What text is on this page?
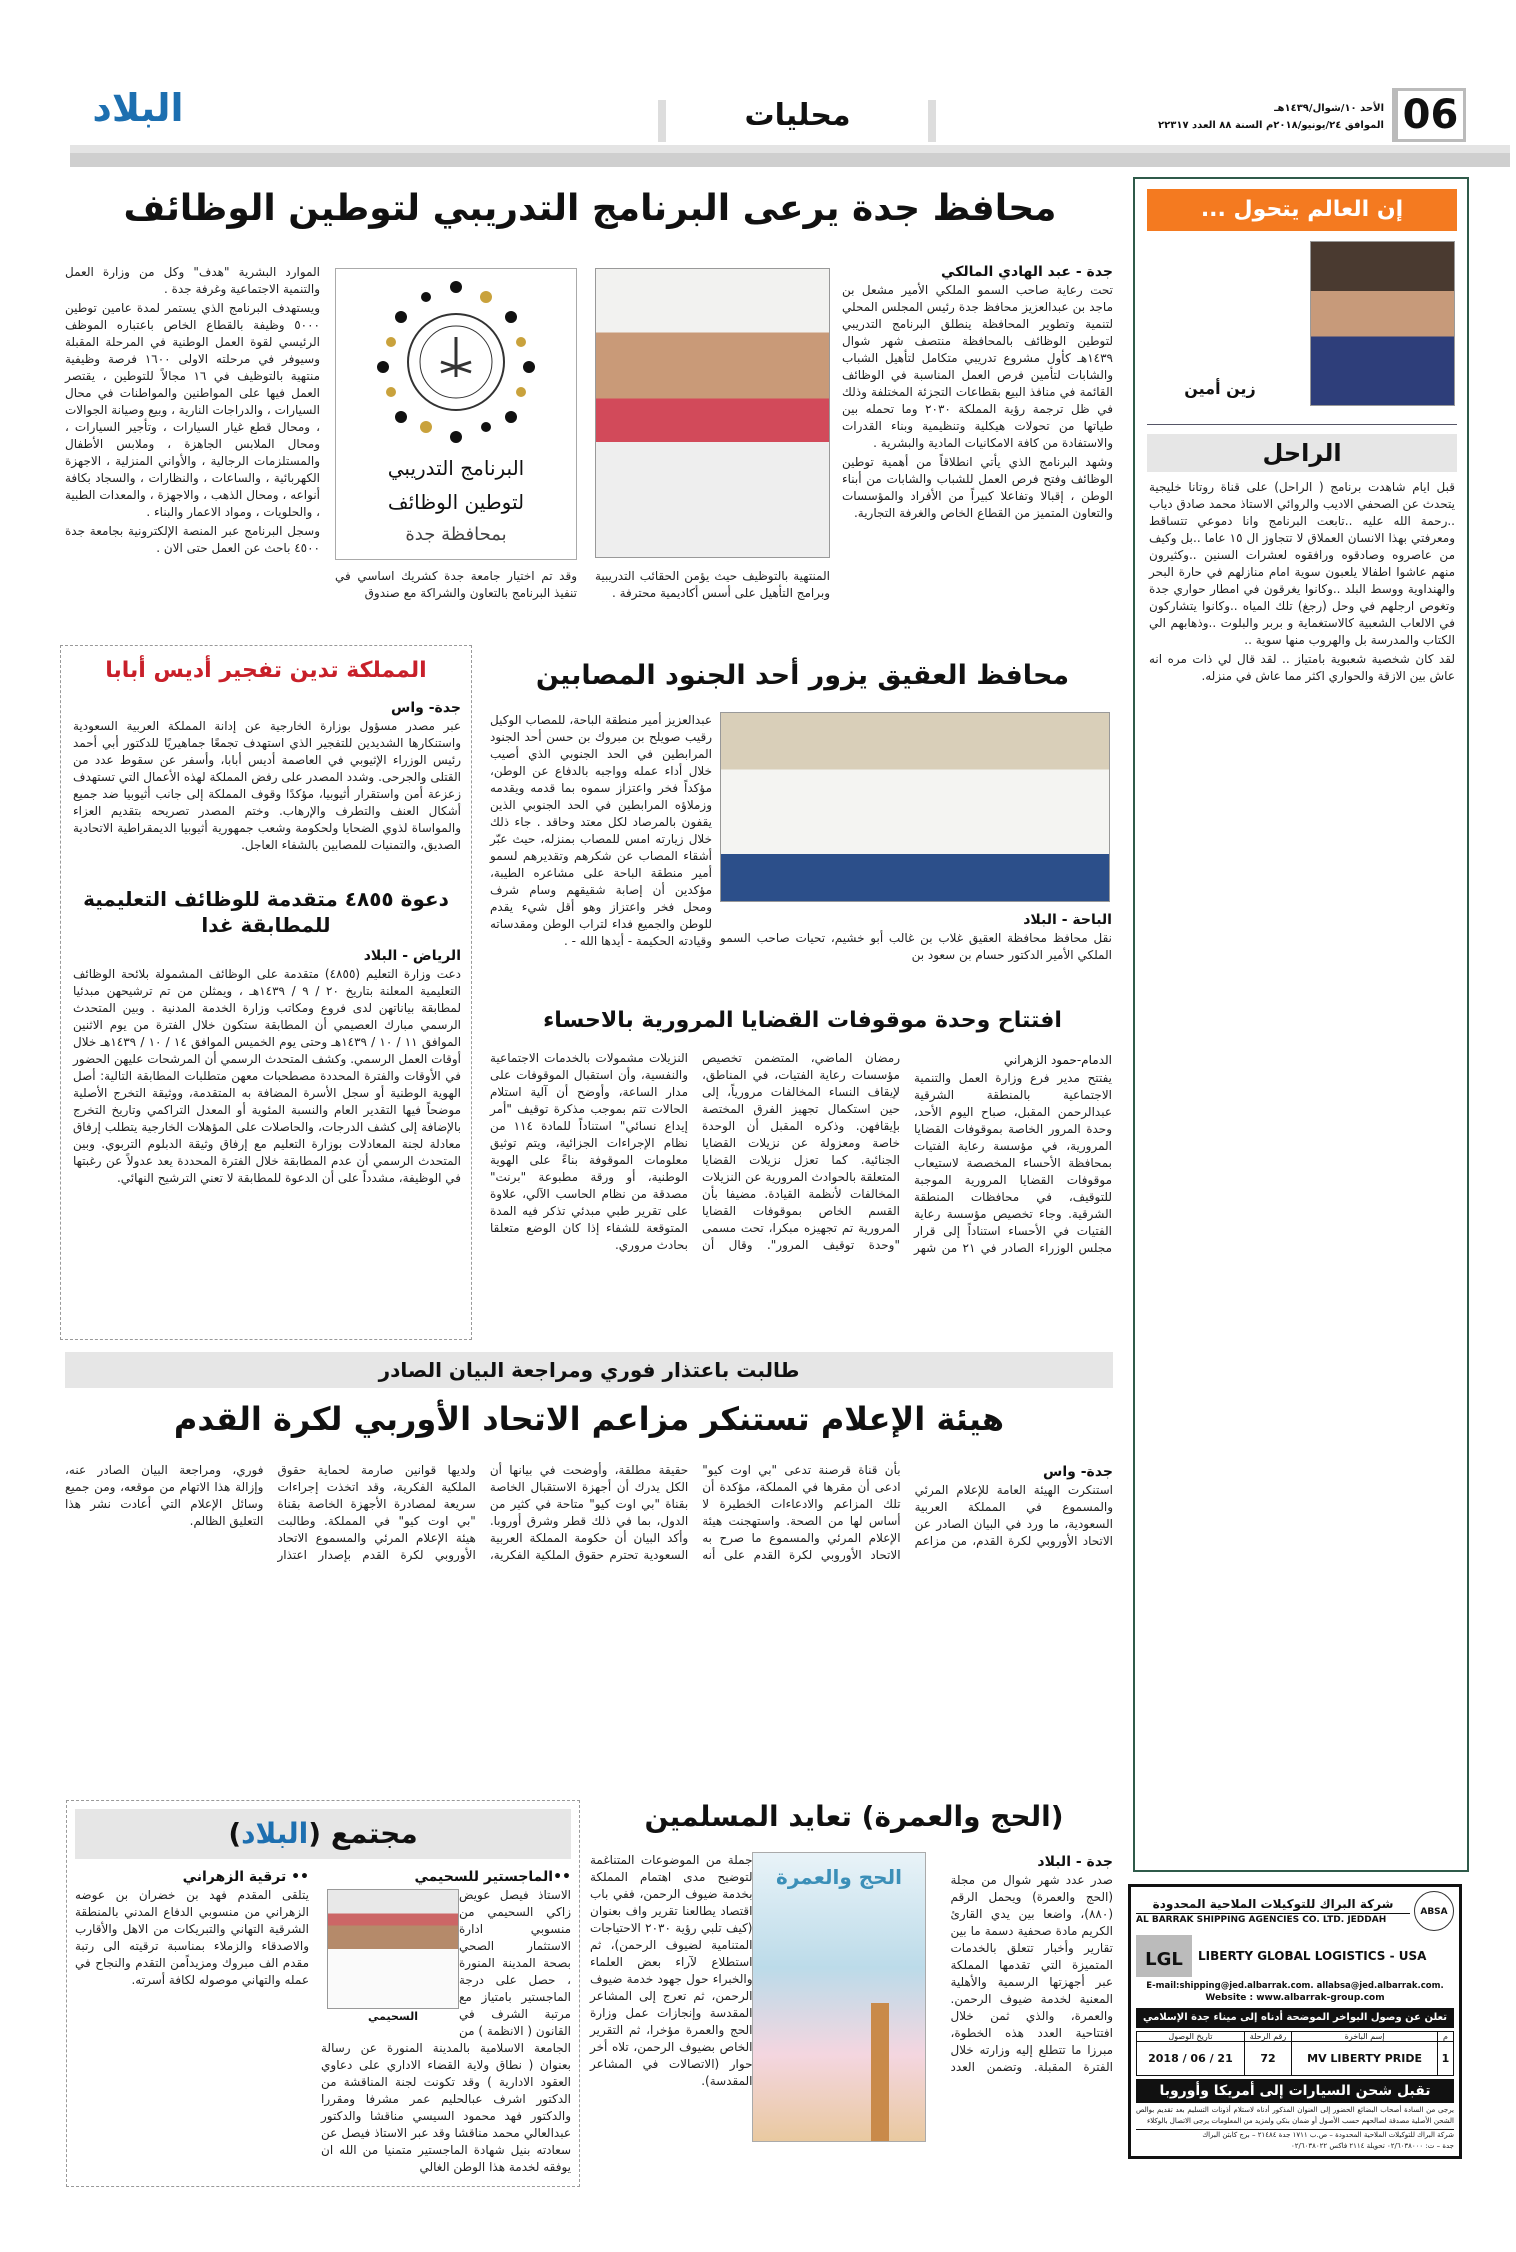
06
الأحد ١٠/شوال/١٤٣٩هـ
الموافق ٢٤/يونيو/٢٠١٨م السنة ٨٨ العدد ٢٢٣١٧
محليات
البلاد
إن العالم يتحول ...
زين أمين
الراحل

قبل ايام شاهدت برنامج ( الراحل) على قناة روتانا خليجية يتحدث عن الصحفي الاديب والروائي الاستاذ محمد صادق دياب ..رحمة الله عليه ..تابعت البرنامج وانا دموعي تتساقط ومعرفتي بهذا الانسان العملاق لا تتجاوز ال ١٥ عاما ..بل وكيف من عاصروه وصادقوه ورافقوه لعشرات السنين ..وكثيرون منهم عاشوا اطفالا يلعبون سوية امام منازلهم في حارة البحر والهنداوية ووسط البلد ..وكانوا يغرقون في امطار حواري جدة وتغوص ارجلهم في وحل (رجغ) تلك المياه ..وكانوا يتشاركون في الالعاب الشعبية كالاستغماية و بربر والبلوت ..وذهابهم الي الكتاب والمدرسة بل والهروب منها سوية ..

لقد كان شخصية شعبوية بامتياز .. لقد قال لي ذات مره انه عاش بين الازقة والحواري اكثر مما عاش في منزله.

محافظ جدة يرعى البرنامج التدريبي لتوطين الوظائف
جدة - عبد الهادي المالكي

تحت رعاية صاحب السمو الملكي الأمير مشعل بن ماجد بن عبدالعزيز محافظ جدة رئيس المجلس المحلي لتنمية وتطوير المحافظة ينطلق البرنامج التدريبي لتوطين الوظائف بالمحافظة منتصف شهر شوال ١٤٣٩هـ كأول مشروع تدريبي متكامل لتأهيل الشباب والشابات لتأمين فرص العمل المناسبة في الوظائف القائمة في منافذ البيع بقطاعات التجزئة المختلفة وذلك في ظل ترجمة رؤية المملكة ٢٠٣٠ وما تحمله بين طياتها من تحولات هيكلية وتنظيمية وبناء القدرات والاستفادة من كافة الامكانيات المادية والبشرية .

وشهد البرنامج الذي يأتي انطلاقاً من أهمية توطين الوظائف وفتح فرص العمل للشباب والشابات من أبناء الوطن ، إقبالا وتفاعلا كبيراً من الأفراد والمؤسسات والتعاون المتميز من القطاع الخاص والغرفة التجارية.

المنتهية بالتوظيف حيث يؤمن الحقائب التدريبية وبرامج التأهيل على أسس أكاديمية محترفة .
البرنامج التدريبي
لتوطين الوظائف
بمحافظة جدة
وقد تم اختيار جامعة جدة كشريك اساسي في تنفيذ البرنامج بالتعاون والشراكة مع صندوق

الموارد البشرية "هدف" وكل من وزارة العمل والتنمية الاجتماعية وغرفة جدة .

ويستهدف البرنامج الذي يستمر لمدة عامين توطين ٥٠٠٠ وظيفة بالقطاع الخاص باعتباره الموظف الرئيسي لقوة العمل الوطنية في المرحلة المقبلة وسيوفر في مرحلته الاولى ١٦٠٠ فرصة وظيفية منتهية بالتوظيف في ١٦ مجالاً للتوطين ، يقتصر العمل فيها على المواطنين والمواطنات في محال السيارات ، والدراجات النارية ، وبيع وصيانة الجوالات ، ومحال قطع غيار السيارات ، وتأجير السيارات ، ومحال الملابس الجاهزة ، وملابس الأطفال والمستلزمات الرجالية ، والأواني المنزلية ، الاجهزة الكهربائية ، والساعات ، والنظارات ، والسجاد بكافة أنواعه ، ومحال الذهب ، والاجهزة ، والمعدات الطبية ، والحلويات ، ومواد الاعمار والبناء .

وسجل البرنامج عبر المنصة الإلكترونية بجامعة جدة ٤٥٠٠ باحث عن العمل حتى الان .

محافظ العقيق يزور أحد الجنود المصابين
عبدالعزيز أمير منطقة الباحة، للمصاب الوكيل رقيب صويلح بن مبروك بن حسن أحد الجنود المرابطين في الحد الجنوبي الذي أصيب خلال أداء عمله وواجبه بالدفاع عن الوطن، مؤكداً فخر واعتزاز سموه بما قدمه ويقدمه وزملاؤه المرابطين في الحد الجنوبي الذين يقفون بالمرصاد لكل معتد وحاقد . جاء ذلك خلال زيارته امس للمصاب بمنزله، حيث عبّر أشقاء المصاب عن شكرهم وتقديرهم لسمو أمير منطقة الباحة على مشاعره الطيبة، مؤكدين أن إصابة شقيقهم وسام شرف ومحل فخر واعتزاز وهو أقل شيء يقدم للوطن والجميع فداء لتراب الوطن ومقدساته وقيادته الحكيمة - أيدها الله - .
الباحة - البلاد
نقل محافظ محافظة العقيق غلاب بن غالب أبو خشيم، تحيات صاحب السمو الملكي الأمير الدكتور حسام بن سعود بن
المملكة تدين تفجير أديس أبابا
جدة- واس
عبر مصدر مسؤول بوزارة الخارجية عن إدانة المملكة العربية السعودية واستنكارها الشديدين للتفجير الذي استهدف تجمعًا جماهيريًا للدكتور أبي أحمد رئيس الوزراء الإثيوبي في العاصمة أديس أبابا، وأسفر عن سقوط عدد من القتلى والجرحى. وشدد المصدر على رفض المملكة لهذه الأعمال التي تستهدف زعزعة أمن واستقرار أثيوبيا، مؤكدًا وقوف المملكة إلى جانب أثيوبيا ضد جميع أشكال العنف والتطرف والإرهاب. وختم المصدر تصريحه بتقديم العزاء والمواساة لذوي الضحايا ولحكومة وشعب جمهورية أثيوبيا الديمقراطية الاتحادية الصديق، والتمنيات للمصابين بالشفاء العاجل.
دعوة ٤٨٥٥ متقدمة للوظائف التعليمية للمطابقة غدا
الرياض - البلاد
دعت وزارة التعليم (٤٨٥٥) متقدمة على الوظائف المشمولة بلائحة الوظائف التعليمية المعلنة بتاريخ ٢٠ / ٩ / ١٤٣٩هـ ، ويمثلن من تم ترشيحهن مبدئيا لمطابقة بياناتهن لدى فروع ومكاتب وزارة الخدمة المدنية . وبين المتحدث الرسمي مبارك العصيمي أن المطابقة ستكون خلال الفترة من يوم الاثنين الموافق ١١ / ١٠ / ١٤٣٩هـ وحتى يوم الخميس الموافق ١٤ / ١٠ / ١٤٣٩هـ خلال أوقات العمل الرسمي. وكشف المتحدث الرسمي أن المرشحات عليهن الحضور في الأوقات والفترة المحددة مصطحبات معهن متطلبات المطابقة التالية: أصل الهوية الوطنية أو سجل الأسرة المضافة به المتقدمة، ووثيقة التخرج الأصلية موضحاً فيها التقدير العام والنسبة المئوية أو المعدل التراكمي وتاريخ التخرج بالإضافة إلى كشف الدرجات، والحاصلات على المؤهلات الخارجية يتطلب إرفاق معادلة لجنة المعادلات بوزارة التعليم مع إرفاق وثيقة الدبلوم التربوي. وبين المتحدث الرسمي أن عدم المطابقة خلال الفترة المحددة يعد عدولاً عن رغبتها في الوظيفة، مشدداً على أن الدعوة للمطابقة لا تعني الترشيح النهائي.
افتتاح وحدة موقوفات القضايا المرورية بالاحساء
الدمام-حمود الزهراني
يفتتح مدير فرع وزارة العمل والتنمية الاجتماعية بالمنطقة الشرقية عبدالرحمن المقبل، صباح اليوم الأحد، وحدة المرور الخاصة بموقوفات القضايا المرورية، في مؤسسة رعاية الفتيات بمحافظة الأحساء المخصصة لاستيعاب موقوفات القضايا المرورية الموجبة للتوقيف، في محافظات المنطقة الشرقية. وجاء تخصيص مؤسسة رعاية الفتيات في الأحساء استناداً إلى قرار مجلس الوزراء الصادر في ٢١ من شهر رمضان الماضي، المتضمن تخصيص مؤسسات رعاية الفتيات، في المناطق، لإيقاف النساء المخالفات مرورياً، إلى حين استكمال تجهيز الفرق المختصة بإيقافهن. وذكره المقبل أن الوحدة خاصة ومعزولة عن نزيلات القضايا الجنائية. كما تعزل نزيلات القضايا المتعلقة بالحوادث المرورية عن النزيلات المخالفات لأنظمة القيادة. مضيفا بأن القسم الخاص بموقوفات القضايا المرورية تم تجهيزه مبكرا، تحت مسمى "وحدة توقيف المرور". وقال أن النزيلات مشمولات بالخدمات الاجتماعية والنفسية، وأن استقبال الموقوفات على مدار الساعة، وأوضح أن آلية استلام الحالات تتم بموجب مذكرة توقيف "أمر إيداع نسائي" استناداً للمادة ١١٤ من نظام الإجراءات الجزائية، ويتم توثيق معلومات الموقوفة بناءً على الهوية الوطنية، أو ورقة مطبوعة "برنت" مصدقة من نظام الحاسب الآلي، علاوة على تقرير طبي مبدئي تذكر فيه المدة المتوقعة للشفاء إذا كان الوضع متعلقا بحادث مروري.
طالبت باعتذار فوري ومراجعة البيان الصادر
هيئة الإعلام تستنكر مزاعم الاتحاد الأوربي لكرة القدم
جدة- واس
استنكرت الهيئة العامة للإعلام المرئي والمسموع في المملكة العربية السعودية، ما ورد في البيان الصادر عن الاتحاد الأوروبي لكرة القدم، من مزاعم بأن قناة قرصنة تدعى "بي اوت كيو" ادعى أن مقرها في المملكة، مؤكدة أن تلك المزاعم والادعاءات الخطيرة لا أساس لها من الصحة. واستهجنت هيئة الإعلام المرئي والمسموع ما صرح به الاتحاد الأوروبي لكرة القدم على أنه حقيقة مطلقة، وأوضحت في بيانها أن الكل يدرك أن أجهزة الاستقبال الخاصة بقناة "بي اوت كيو" متاحة في كثير من الدول، بما في ذلك قطر وشرق أوروبا. وأكد البيان أن حكومة المملكة العربية السعودية تحترم حقوق الملكية الفكرية، ولديها قوانين صارمة لحماية حقوق الملكية الفكرية، وقد اتخذت إجراءات سريعة لمصادرة الأجهزة الخاصة بقناة "بي اوت كيو" في المملكة. وطالبت هيئة الإعلام المرئي والمسموع الاتحاد الأوروبي لكرة القدم بإصدار اعتذار فوري، ومراجعة البيان الصادر عنه، وإزالة هذا الاتهام من موقعه، ومن جميع وسائل الإعلام التي أعادت نشر هذا التعليق الظالم.
(الحج والعمرة) تعايد المسلمين
الحج والعمرة
جدة - البلاد
صدر عدد شهر شوال من مجلة (الحج والعمرة) ويحمل الرقم (٨٨٠)، واضعا بين يدي القارئ الكريم مادة صحفية دسمة ما بين تقارير وأخبار تتعلق بالخدمات المتميزة التي تقدمها المملكة عبر أجهزتها الرسمية والأهلية المعنية لخدمة ضيوف الرحمن. والعمرة، والذي ثمن خلال افتتاحية العدد هذه الخطوة، مبرزا ما تتطلع إليه وزارته خلال الفترة المقبلة. وتضمن العدد جملة من الموضوعات المتناغمة لتوضيح مدى اهتمام المملكة بخدمة ضيوف الرحمن، ففي باب اقتصاد يطالعنا تقرير واف بعنوان (كيف تلبي رؤية ٢٠٣٠ الاحتياجات المتنامية لضيوف الرحمن)، ثم استطلاع لآراء بعض العلماء والخبراء حول جهود خدمة ضيوف الرحمن، ثم تعرج إلى المشاعر المقدسة وإنجازات عمل وزارة الحج والعمرة مؤخرا، ثم التقرير الخاص بضيوف الرحمن، تلاه أخر حوار (الاتصالات في المشاعر المقدسة).
مجتمع (البلاد)
••الماجستير للسحيمي
السحيمي
الاستاذ فيصل عويض زاكي السحيمي من منسوبي ادارة الاستثمار الصحي بصحة المدينة المنورة ، حصل على درجة الماجستير بامتياز مع مرتبة الشرف في القانون ( الانظمة ) من الجامعة الاسلامية بالمدينة المنورة عن رسالة بعنوان ( نطاق ولاية القضاء الاداري على دعاوي العقود الادارية ) وقد تكونت لجنة المناقشة من الدكتور اشرف عبالحليم عمر مشرفا ومقررا والدكتور فهد محمود السيسي مناقشا والدكتور عبدالعالي محمد مناقشا وقد عبر الاستاذ فيصل عن سعادته بنيل شهادة الماجستير متمنيا من الله ان يوفقه لخدمة هذا الوطن الغالي
•• ترقية الزهراني
يتلقى المقدم فهد بن خضران بن عوضه الزهراني من منسوبي الدفاع المدني بالمنطقة الشرقية التهاني والتبريكات من الاهل والأقارب والاصدقاء والزملاء بمناسبة ترقيته الى رتبة مقدم الف مبروك ومزيداًمن التقدم والنجاح في عمله والتهاني موصوله لكافة أسرته.
شركة البراك للتوكيلات الملاحية المحدودة
AL BARRAK SHIPPING AGENCIES CO. LTD. JEDDAH
ABSA
LGL	LIBERTY GLOBAL LOGISTICS - USA
E-mail:shipping@jed.albarrak.com. allabsa@jed.albarrak.com.
Website : www.albarrak-group.com
تعلن عن وصول البواخر الموضحة أدناه إلى ميناء جدة الإسلامي
م	إسم الباخرة	رقم الرحلة	تاريخ الوصول
1	MV LIBERTY PRIDE	72	21 / 06 / 2018
تقبل شحن السيارات إلى أمريكا وأوروبا
يرجى من السادة أصحاب البضائع الحضور إلى العنوان المذكور أدناه لاستلام أذونات التسليم بعد تقديم بوالص الشحن الأصلية مصدقة لصالحهم حسب الأصول أو ضمان بنكي ولمزيد من المعلومات يرجى الاتصال بالوكلاء
شركة البراك للتوكيلات الملاحية المحدودة – ص.ب ١٧١١ جدة ٢١٤٨٤ – برج كابتن البراك
جدة – ت: ٠٢/٦٠٣٨٠٠٠ تحويلة ٢١١٤ فاكس ٠٢/٦٠٣٨٠٢٢
